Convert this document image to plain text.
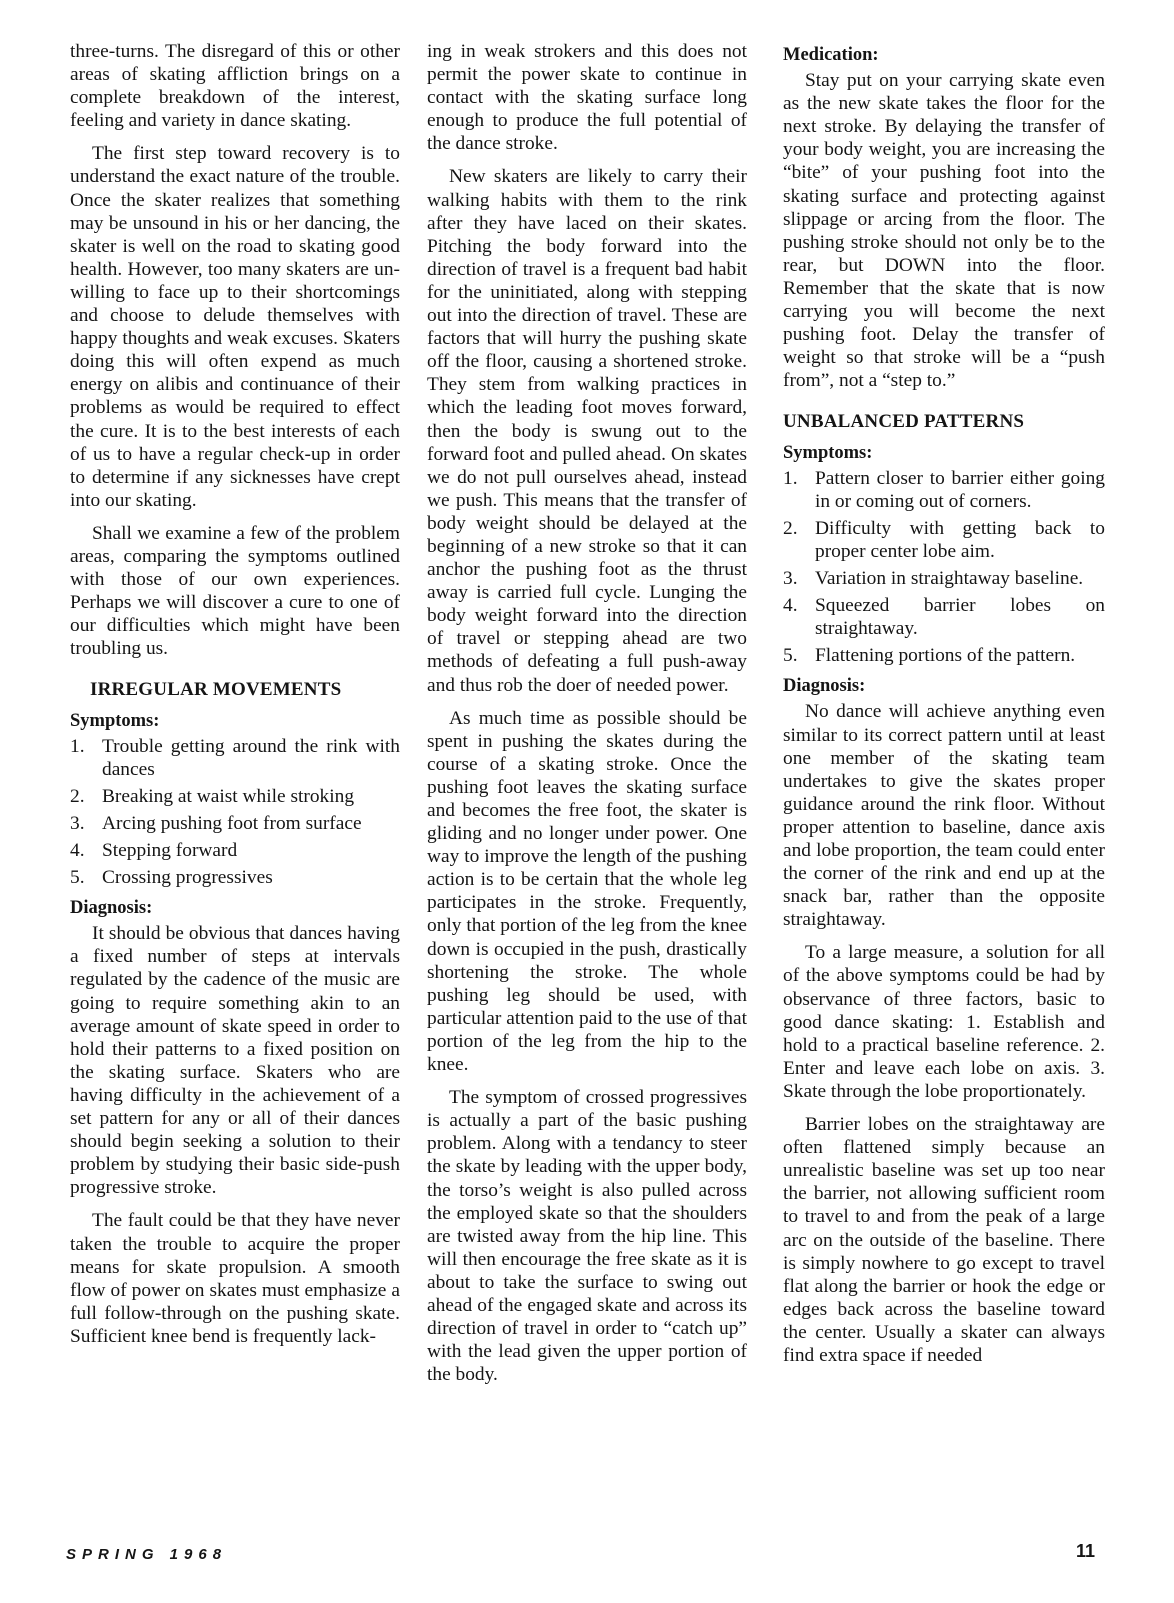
three-turns. The disregard of this or other areas of skating affliction brings on a complete breakdown of the interest, feeling and variety in dance skating.

The first step toward recovery is to understand the exact nature of the trouble. Once the skater realizes that something may be unsound in his or her dancing, the skater is well on the road to skating good health. However, too many skaters are unwilling to face up to their shortcomings and choose to delude themselves with happy thoughts and weak excuses. Skaters doing this will often expend as much energy on alibis and continuance of their problems as would be required to effect the cure. It is to the best interests of each of us to have a regular check-up in order to determine if any sicknesses have crept into our skating.

Shall we examine a few of the problem areas, comparing the symptoms outlined with those of our own experiences. Perhaps we will discover a cure to one of our difficulties which might have been troubling us.

IRREGULAR MOVEMENTS
Symptoms:
1. Trouble getting around the rink with dances
2. Breaking at waist while stroking
3. Arcing pushing foot from surface
4. Stepping forward
5. Crossing progressives
Diagnosis:

It should be obvious that dances having a fixed number of steps at intervals regulated by the cadence of the music are going to require something akin to an average amount of skate speed in order to hold their patterns to a fixed position on the skating surface. Skaters who are having difficulty in the achievement of a set pattern for any or all of their dances should begin seeking a solution to their problem by studying their basic side-push progressive stroke.

The fault could be that they have never taken the trouble to acquire the proper means for skate propulsion. A smooth flow of power on skates must emphasize a full follow-through on the pushing skate. Sufficient knee bend is frequently lack-

ing in weak strokers and this does not permit the power skate to continue in contact with the skating surface long enough to produce the full potential of the dance stroke.

New skaters are likely to carry their walking habits with them to the rink after they have laced on their skates. Pitching the body forward into the direction of travel is a frequent bad habit for the uninitiated, along with stepping out into the direction of travel. These are factors that will hurry the pushing skate off the floor, causing a shortened stroke. They stem from walking practices in which the leading foot moves forward, then the body is swung out to the forward foot and pulled ahead. On skates we do not pull ourselves ahead, instead we push. This means that the transfer of body weight should be delayed at the beginning of a new stroke so that it can anchor the pushing foot as the thrust away is carried full cycle. Lunging the body weight forward into the direction of travel or stepping ahead are two methods of defeating a full push-away and thus rob the doer of needed power.

As much time as possible should be spent in pushing the skates during the course of a skating stroke. Once the pushing foot leaves the skating surface and becomes the free foot, the skater is gliding and no longer under power. One way to improve the length of the pushing action is to be certain that the whole leg participates in the stroke. Frequently, only that portion of the leg from the knee down is occupied in the push, drastically shortening the stroke. The whole pushing leg should be used, with particular attention paid to the use of that portion of the leg from the hip to the knee.

The symptom of crossed progressives is actually a part of the basic pushing problem. Along with a tendancy to steer the skate by leading with the upper body, the torso’s weight is also pulled across the employed skate so that the shoulders are twisted away from the hip line. This will then encourage the free skate as it is about to take the surface to swing out ahead of the engaged skate and across its direction of travel in order to “catch up” with the lead given the upper portion of the body.

Medication:

Stay put on your carrying skate even as the new skate takes the floor for the next stroke. By delaying the transfer of your body weight, you are increasing the “bite” of your pushing foot into the skating surface and protecting against slippage or arcing from the floor. The pushing stroke should not only be to the rear, but DOWN into the floor. Remember that the skate that is now carrying you will become the next pushing foot. Delay the transfer of weight so that stroke will be a “push from”, not a “step to.”

UNBALANCED PATTERNS
Symptoms:
1. Pattern closer to barrier either going in or coming out of corners.
2. Difficulty with getting back to proper center lobe aim.
3. Variation in straightaway baseline.
4. Squeezed barrier lobes on straightaway.
5. Flattening portions of the pattern.
Diagnosis:

No dance will achieve anything even similar to its correct pattern until at least one member of the skating team undertakes to give the skates proper guidance around the rink floor. Without proper attention to baseline, dance axis and lobe proportion, the team could enter the corner of the rink and end up at the snack bar, rather than the opposite straightaway.

To a large measure, a solution for all of the above symptoms could be had by observance of three factors, basic to good dance skating: 1. Establish and hold to a practical baseline reference. 2. Enter and leave each lobe on axis. 3. Skate through the lobe proportionately.

Barrier lobes on the straightaway are often flattened simply because an unrealistic baseline was set up too near the barrier, not allowing sufficient room to travel to and from the peak of a large arc on the outside of the baseline. There is simply nowhere to go except to travel flat along the barrier or hook the edge or edges back across the baseline toward the center. Usually a skater can always find extra space if needed

SPRING 1968	11
